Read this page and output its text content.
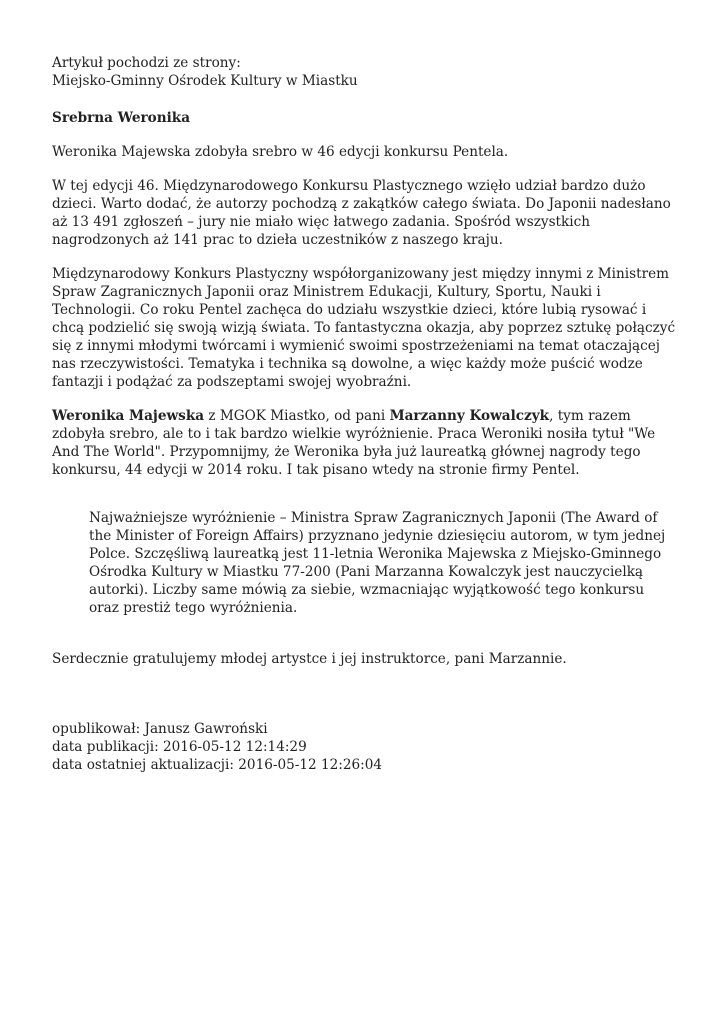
Artykuł pochodzi ze strony:

Miejsko-Gminny Ośrodek Kultury w Miastku

Srebrna Weronika

Weronika Majewska zdobyła srebro w 46 edycji konkursu Pentela.

W tej edycji 46. Międzynarodowego Konkursu Plastycznego wzięło udział bardzo dużo dzieci. Warto dodać, że autorzy pochodzą z zakątków całego świata. Do Japonii nadesłano aż 13 491 zgłoszeń – jury nie miało więc łatwego zadania. Spośród wszystkich nagrodzonych aż 141 prac to dzieła uczestników z naszego kraju.

Międzynarodowy Konkurs Plastyczny współorganizowany jest między innymi z Ministrem Spraw Zagranicznych Japonii oraz Ministrem Edukacji, Kultury, Sportu, Nauki i Technologii. Co roku Pentel zachęca do udziału wszystkie dzieci, które lubią rysować i chcą podzielić się swoją wizją świata. To fantastyczna okazja, aby poprzez sztukę połączyć się z innymi młodymi twórcami i wymienić swoimi spostrzeżeniami na temat otaczającej nas rzeczywistości. Tematyka i technika są dowolne, a więc każdy może puścić wodze fantazji i podążać za podszeptami swojej wyobraźni.

Weronika Majewska z MGOK Miastko, od pani Marzanny Kowalczyk, tym razem zdobyła srebro, ale to i tak bardzo wielkie wyróżnienie. Praca Weroniki nosiła tytuł "We And The World". Przypomnijmy, że Weronika była już laureatką głównej nagrody tego konkursu, 44 edycji w 2014 roku. I tak pisano wtedy na stronie firmy Pentel.

Najważniejsze wyróżnienie – Ministra Spraw Zagranicznych Japonii (The Award of the Minister of Foreign Affairs) przyznano jedynie dziesięciu autorom, w tym jednej Polce. Szczęśliwą laureatką jest 11-letnia Weronika Majewska z Miejsko-Gminnego Ośrodka Kultury w Miastku 77-200 (Pani Marzanna Kowalczyk jest nauczycielką autorki). Liczby same mówią za siebie, wzmacniając wyjątkowość tego konkursu oraz prestiż tego wyróżnienia.

Serdecznie gratulujemy młodej artystce i jej instruktorce, pani Marzannie.

opublikował: Janusz Gawroński

data publikacji: 2016-05-12 12:14:29

data ostatniej aktualizacji: 2016-05-12 12:26:04
